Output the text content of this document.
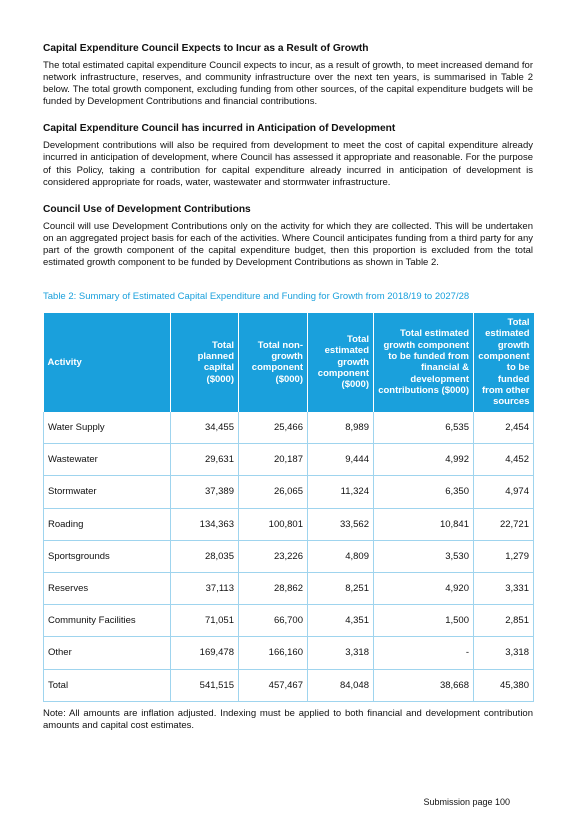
Capital Expenditure Council Expects to Incur as a Result of Growth

The total estimated capital expenditure Council expects to incur, as a result of growth, to meet increased demand for network infrastructure, reserves, and community infrastructure over the next ten years, is summarised in Table 2 below. The total growth component, excluding funding from other sources, of the capital expenditure budgets will be funded by Development Contributions and financial contributions.

Capital Expenditure Council has incurred in Anticipation of Development

Development contributions will also be required from development to meet the cost of capital expenditure already incurred in anticipation of development, where Council has assessed it appropriate and reasonable. For the purpose of this Policy, taking a contribution for capital expenditure already incurred in anticipation of development is considered appropriate for roads, water, wastewater and stormwater infrastructure.

Council Use of Development Contributions

Council will use Development Contributions only on the activity for which they are collected. This will be undertaken on an aggregated project basis for each of the activities. Where Council anticipates funding from a third party for any part of the growth component of the capital expenditure budget, then this proportion is excluded from the total estimated growth component to be funded by Development Contributions as shown in Table 2.

Table 2: Summary of Estimated Capital Expenditure and Funding for Growth from 2018/19 to 2027/28
Activity	Total planned capital ($000)	Total non-growth component ($000)	Total estimated growth component ($000)	Total estimated growth component to be funded from financial & development contributions ($000)	Total estimated growth component to be funded from other sources
Water Supply	34,455	25,466	8,989	6,535	2,454
Wastewater	29,631	20,187	9,444	4,992	4,452
Stormwater	37,389	26,065	11,324	6,350	4,974
Roading	134,363	100,801	33,562	10,841	22,721
Sportsgrounds	28,035	23,226	4,809	3,530	1,279
Reserves	37,113	28,862	8,251	4,920	3,331
Community Facilities	71,051	66,700	4,351	1,500	2,851
Other	169,478	166,160	3,318	-	3,318
Total	541,515	457,467	84,048	38,668	45,380
Note: All amounts are inflation adjusted. Indexing must be applied to both financial and development contribution amounts and capital cost estimates.
Submission page 100
